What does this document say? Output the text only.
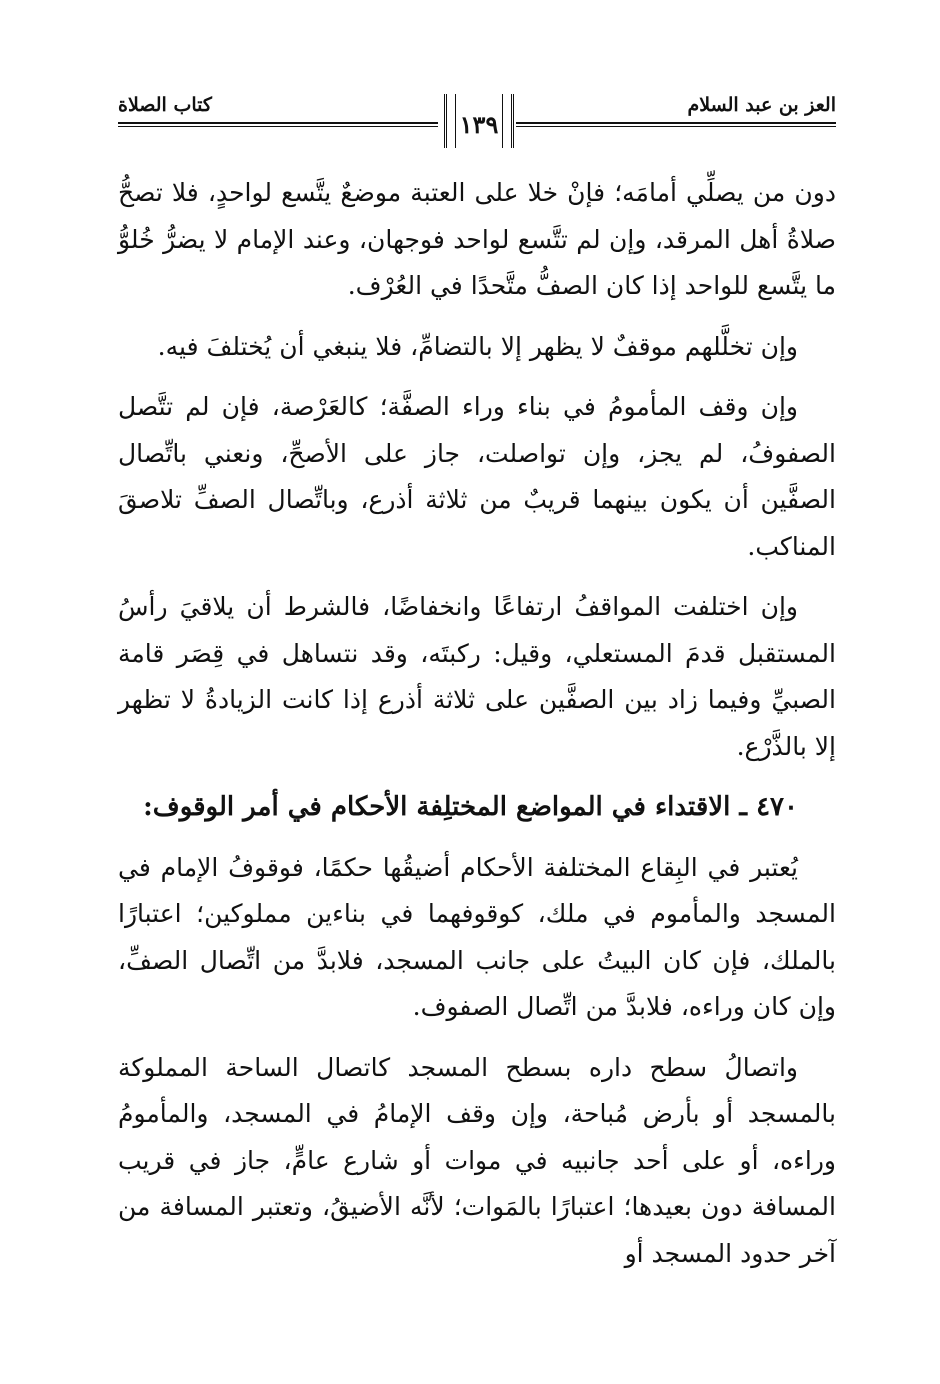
العز بن عبد السلام
كتاب الصلاة
١٣٩

دون من يصلِّي أمامَه؛ فإنْ خلا على العتبة موضعٌ يتَّسع لواحدٍ، فلا تصحُّ صلاةُ أهل المرقد، وإن لم تتَّسع لواحد فوجهان، وعند الإمام لا يضرُّ خُلوُّ ما يتَّسع للواحد إذا كان الصفُّ متَّحدًا في العُرْف.

وإن تخلَّلهم موقفٌ لا يظهر إلا بالتضامِّ، فلا ينبغي أن يُختلفَ فيه.

وإن وقف المأمومُ في بناء وراء الصفَّة؛ كالعَرْصة، فإن لم تتَّصل الصفوفُ، لم يجز، وإن تواصلت، جاز على الأصحِّ، ونعني باتِّصال الصفَّين أن يكون بينهما قريبٌ من ثلاثة أذرع، وباتِّصال الصفِّ تلاصقَ المناكب.

وإن اختلفت المواقفُ ارتفاعًا وانخفاضًا، فالشرط أن يلاقيَ رأسُ المستقبل قدمَ المستعلي، وقيل: ركبتَه، وقد نتساهل في قِصَر قامة الصبيِّ وفيما زاد بين الصفَّين على ثلاثة أذرع إذا كانت الزيادةُ لا تظهر إلا بالذَّرْع.

٤٧٠ ـ الاقتداء في المواضع المختلِفة الأحكام في أمر الوقوف:

يُعتبر في البِقاع المختلفة الأحكام أضيقُها حكمًا، فوقوفُ الإمام في المسجد والمأموم في ملك، كوقوفهما في بناءين مملوكين؛ اعتبارًا بالملك، فإن كان البيتُ على جانب المسجد، فلابدَّ من اتِّصال الصفِّ، وإن كان وراءه، فلابدَّ من اتِّصال الصفوف.

واتصالُ سطح داره بسطح المسجد كاتصال الساحة المملوكة بالمسجد أو بأرض مُباحة، وإن وقف الإمامُ في المسجد، والمأمومُ وراءه، أو على أحد جانبيه في موات أو شارع عامٍّ، جاز في قريب المسافة دون بعيدها؛ اعتبارًا بالمَوات؛ لأنَّه الأضيقُ، وتعتبر المسافة من آخر حدود المسجد أو
